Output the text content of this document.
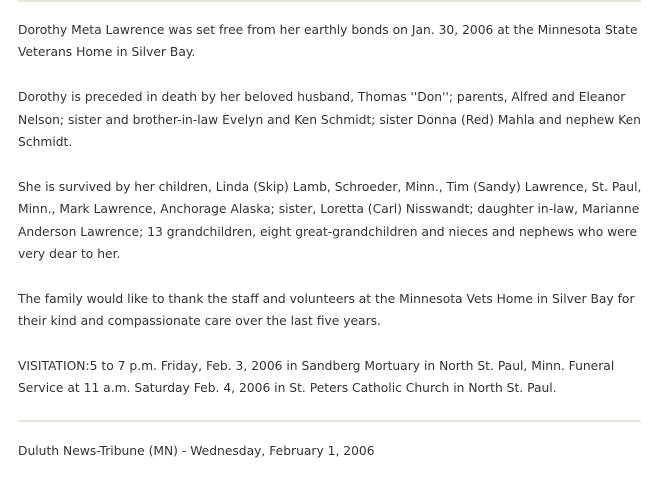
Dorothy Meta Lawrence was set free from her earthly bonds on Jan. 30, 2006 at the Minnesota State Veterans Home in Silver Bay.

Dorothy is preceded in death by her beloved husband, Thomas ''Don''; parents, Alfred and Eleanor Nelson; sister and brother-in-law Evelyn and Ken Schmidt; sister Donna (Red) Mahla and nephew Ken Schmidt.

She is survived by her children, Linda (Skip) Lamb, Schroeder, Minn., Tim (Sandy) Lawrence, St. Paul, Minn., Mark Lawrence, Anchorage Alaska; sister, Loretta (Carl) Nisswandt; daughter in-law, Marianne Anderson Lawrence; 13 grandchildren, eight great-grandchildren and nieces and nephews who were very dear to her.

The family would like to thank the staff and volunteers at the Minnesota Vets Home in Silver Bay for their kind and compassionate care over the last five years.

VISITATION:5 to 7 p.m. Friday, Feb. 3, 2006 in Sandberg Mortuary in North St. Paul, Minn. Funeral Service at 11 a.m. Saturday Feb. 4, 2006 in St. Peters Catholic Church in North St. Paul.

Duluth News-Tribune (MN) - Wednesday, February 1, 2006
